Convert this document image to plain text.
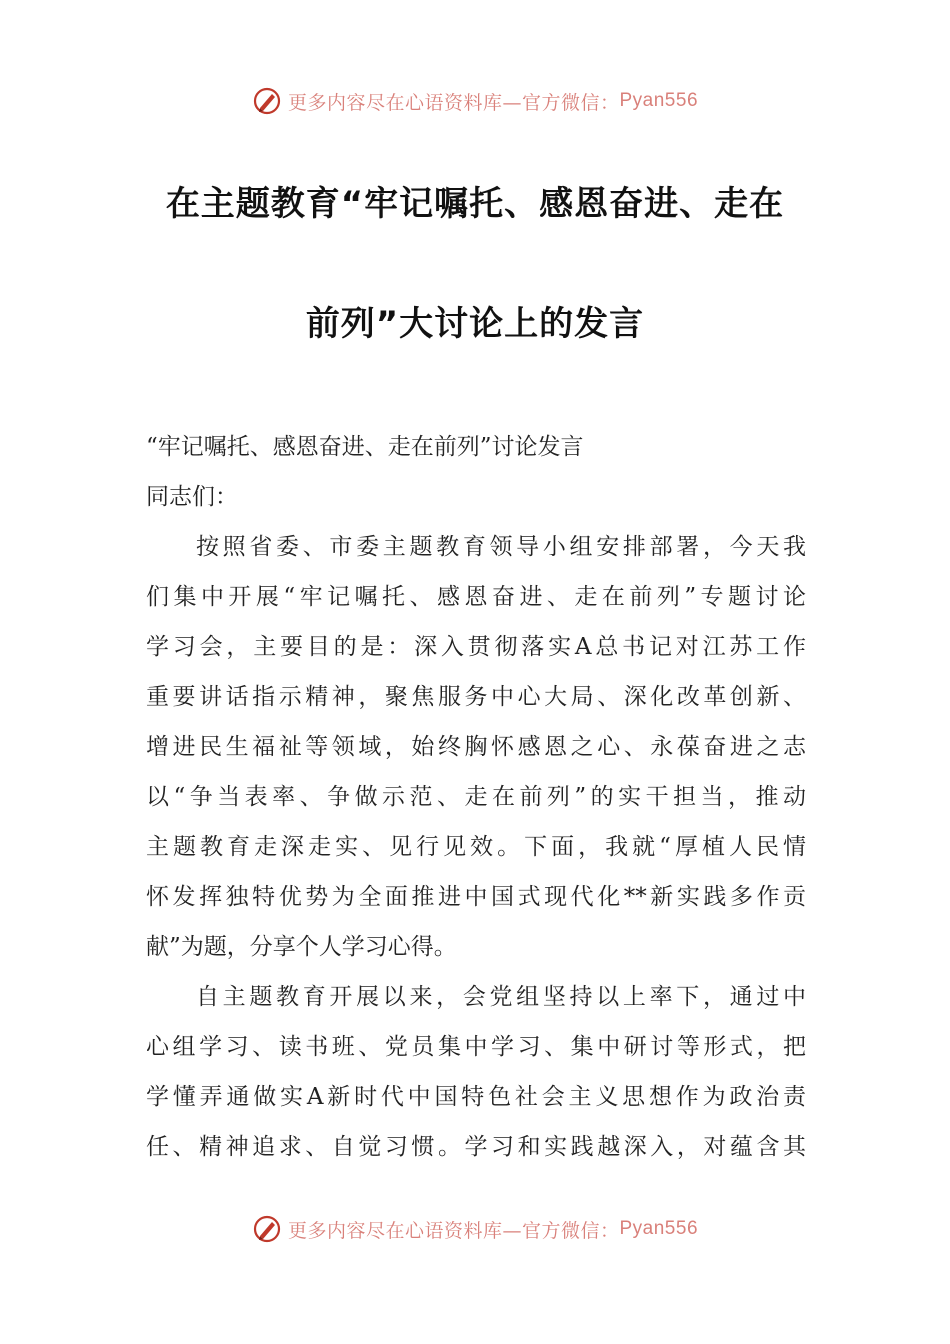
更多内容尽在心语资料库—官方微信： Pyan556
在主题教育“牢记嘱托、感恩奋进、走在
前列”大讨论上的发言
“牢记嘱托、感恩奋进、走在前列”讨论发言
同志们：
按照省委、市委主题教育领导小组安排部署，今天我
们集中开展“牢记嘱托、感恩奋进、走在前列”专题讨论
学习会，主要目的是：深入贯彻落实A总书记对江苏工作
重要讲话指示精神，聚焦服务中心大局、深化改革创新、
增进民生福祉等领域，始终胸怀感恩之心、永葆奋进之志
以“争当表率、争做示范、走在前列”的实干担当，推动
主题教育走深走实、见行见效。下面，我就“厚植人民情
怀发挥独特优势为全面推进中国式现代化**新实践多作贡
献”为题，分享个人学习心得。
自主题教育开展以来，会党组坚持以上率下，通过中
心组学习、读书班、党员集中学习、集中研讨等形式，把
学懂弄通做实A新时代中国特色社会主义思想作为政治责
任、精神追求、自觉习惯。学习和实践越深入，对蕴含其
更多内容尽在心语资料库—官方微信： Pyan556
